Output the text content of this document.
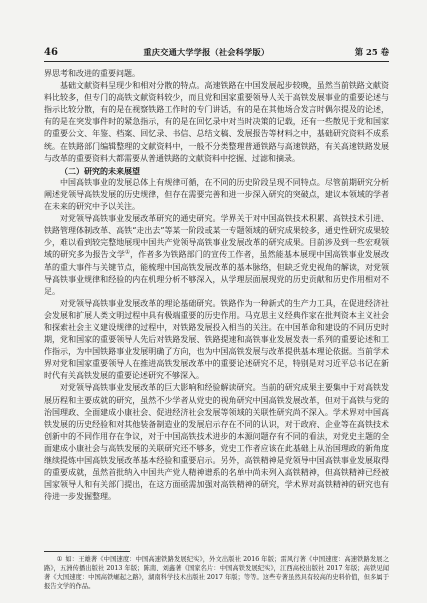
46	重庆交通大学学报（社会科学版）	第 25 卷

界思考和改进的重要问题。

基础文献资料呈现少和相对分散的特点。高速铁路在中国发展起步较晚，虽然当前铁路文献资料比较多，但专门的高铁文献资料较少，而且党和国家重要领导人关于高铁发展事业的重要论述与指示比较分散，有的是在视察铁路工作时的专门讲话，有的是在其他场合发言时偶尔提及的论述，有的是在突发事件时的紧急指示，有的是在回忆录中对当时决策的记载，还有一些散见于党和国家的重要公文、年鉴、档案、回忆录、书信、总结文稿、发展报告等材料之中，基础研究资料不成系统。在铁路部门编辑整理的文献资料中，一般不分类整理普通铁路与高速铁路，有关高速铁路发展与改革的重要资料大都需要从普通铁路的文献资料中挖掘、过滤和摘录。

（二）研究的未来展望

中国高铁事业的发展总体上有规律可循，在不同的历史阶段呈现不同特点。尽管前期研究分析阐述党领导高铁发展的历史规律，但存在需要完善和进一步深入研究的突破点，建议本领域的学者在未来的研究中予以关注。

对党领导高铁事业发展改革研究的通史研究。学界关于对中国高铁技术积累、高铁技术引进、铁路管理体制改革、高铁“走出去”等某一阶段或某一专题领域的研究成果较多，通史性研究成果较少，难以看到较完整地展现中国共产党领导高铁事业发展改革的研究成果。目前涉及到一些宏观领域的研究多为报告文学①，作者多为铁路部门的宣传工作者，虽然能基本展现中国高铁事业发展改革的重大事件与关键节点，能梳理中国高铁发展改革的基本脉络，但缺乏党史视角的解读，对党领导高铁事业规律和经验的内在机理分析不够深入，从学理层面展现党的历史贡献和历史作用相对不足。

对党领导高铁事业发展改革的理论基础研究。铁路作为一种新式的生产力工具，在促进经济社会发展和扩展人类文明过程中具有极端重要的历史作用。马克思主义经典作家在批判资本主义社会和探索社会主义建设规律的过程中，对铁路发展投入相当的关注。在中国革命和建设的不同历史时期，党和国家的重要领导人先后对铁路发展、铁路提速和高铁事业发展发表一系列的重要论述和工作指示，为中国铁路事业发展明确了方向，也为中国高铁发展与改革提供基本理论依据。当前学术界对党和国家重要领导人在推进高铁发展改革中的重要论述研究不足，特别是对习近平总书记在新时代有关高铁发展的重要论述研究不够深入。

对党领导高铁事业发展改革的巨大影响和经验解读研究。当前的研究成果主要集中于对高铁发展历程和主要成就的研究，虽然不少学者从党史的视角研究中国高铁发展改革，但对于高铁与党的治国理政、全面建成小康社会、促进经济社会发展等领域的关联性研究尚不深入。学术界对中国高铁发展的历史经验和对其他装备制造业的发展启示存在不同的认识，对于政府、企业等在高铁技术创新中的不同作用存在争议，对于中国高铁技术进步的本源问题存有不同的看法，对党史主题的全面建成小康社会与高铁发展的关联研究还不够多，党史工作者应该在此基础上从治国理政的新角度继续提炼中国高铁发展改革基本经验和重要启示。另外，高铁精神是党领导中国高铁事业发展取得的重要成就，虽然首批纳入中国共产党人精神谱系的名单中尚未列入高铁精神，但高铁精神已经被国家领导人和有关部门提出，在这方面亟需加强对高铁精神的研究，学术界对高铁精神的研究也有待进一步发掘整理。

① 如：王雄著《中国速度：中国高速铁路发展纪实》，外文出版社 2016 年版；雷风行著《中国速度：高速铁路发展之路》，五洲传播出版社 2013 年版；陈南、刘鑫著《国家名片：中国高铁发展纪实》，江西高校出版社 2017 年版；高铁见闻著《大国速度：中国高铁崛起之路》，湖南科学技术出版社 2017 年版；等等。这些专著虽然具有较高的史料价值，但多属于报告文学的作品。
